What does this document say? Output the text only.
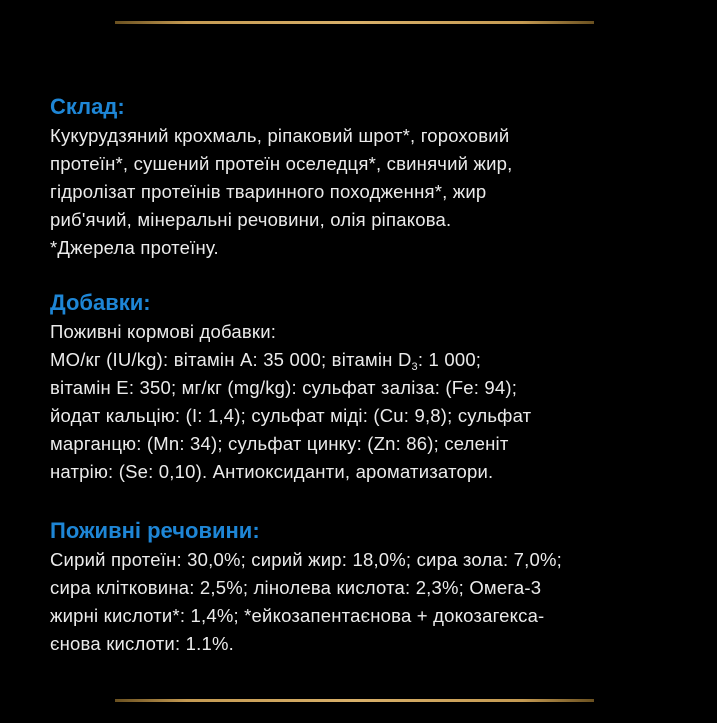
Склад:

Кукурудзяний крохмаль, ріпаковий шрот*, гороховий
протеїн*, сушений протеїн оселедця*, свинячий жир,
гідролізат протеїнів тваринного походження*, жир
риб'ячий, мінеральні речовини, олія ріпакова.
*Джерела протеїну.

Добавки:

Поживні кормові добавки:
МО/кг (IU/kg): вітамін А: 35 000; вітамін $D_3$: 1 000;
вітамін Е: 350; мг/кг (mg/kg): сульфат заліза: (Fe: 94);
йодат кальцію: (I: 1,4); сульфат міді: (Cu: 9,8); сульфат
марганцю: (Mn: 34); сульфат цинку: (Zn: 86); селеніт
натрію: (Se: 0,10). Антиоксиданти, ароматизатори.

Поживні речовини:

Сирий протеїн: 30,0%; сирий жир: 18,0%; сира зола: 7,0%;
сира клітковина: 2,5%; лінолева кислота: 2,3%; Омега-3
жирні кислоти*: 1,4%; *ейкозапентаєнова + докозагекса-
єнова кислоти: 1.1%.
